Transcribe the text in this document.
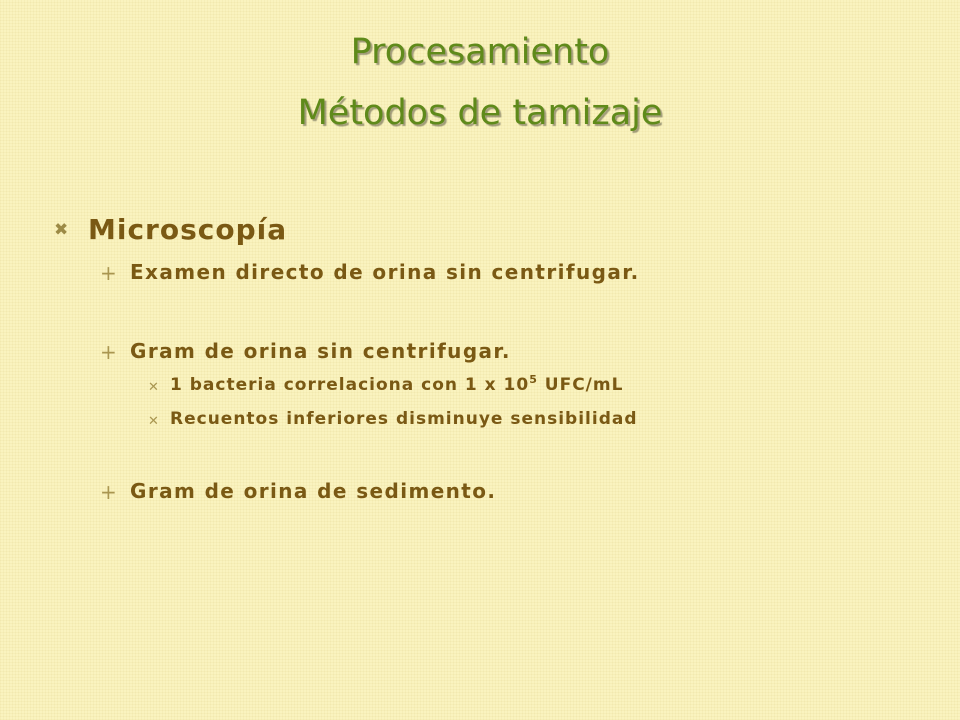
Procesamiento
Métodos de tamizaje
✖ Microscopía
+ Examen directo de orina sin centrifugar.
+ Gram de orina sin centrifugar.
✕ 1 bacteria correlaciona con 1 x $10^5$ UFC/mL
✕ Recuentos inferiores disminuye sensibilidad
+ Gram de orina de sedimento.
